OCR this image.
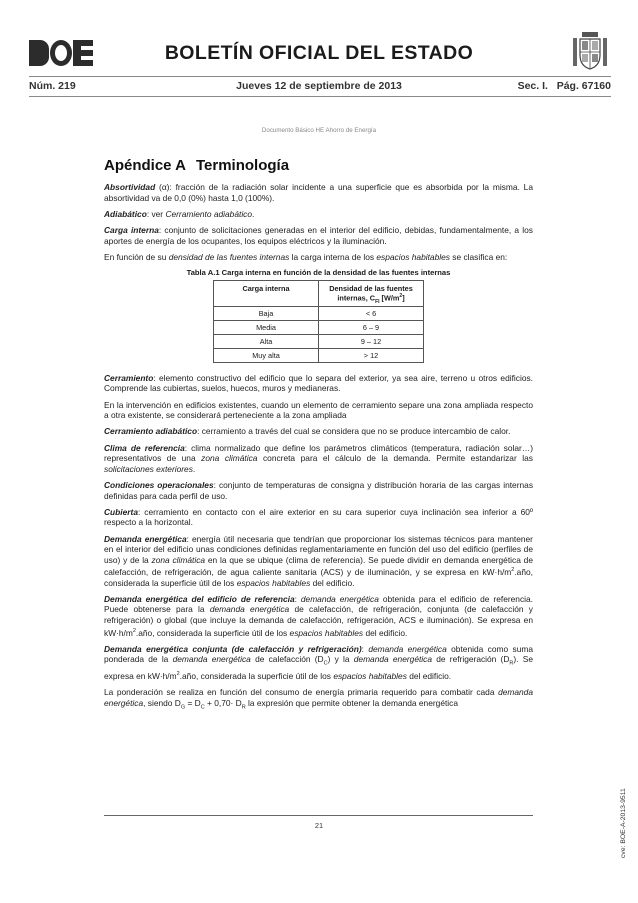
BOLETÍN OFICIAL DEL ESTADO
Núm. 219	Jueves 12 de septiembre de 2013	Sec. I.   Pág. 67160
Documento Básico HE Ahorro de Energía
Apéndice A Terminología

Absortividad (α): fracción de la radiación solar incidente a una superficie que es absorbida por la misma. La absortividad va de 0,0 (0%) hasta 1,0 (100%).

Adiabático: ver Cerramiento adiabático.

Carga interna: conjunto de solicitaciones generadas en el interior del edificio, debidas, fundamentalmente, a los aportes de energía de los ocupantes, los equipos eléctricos y la iluminación.

En función de su densidad de las fuentes internas la carga interna de los espacios habitables se clasifica en:

Tabla A.1 Carga interna en función de la densidad de las fuentes internas
Carga interna	Densidad de las fuentes internas, $C_{FI}$ $[W/m^2]$
Baja	< 6
Media	6 – 9
Alta	9 – 12
Muy alta	> 12

Cerramiento: elemento constructivo del edificio que lo separa del exterior, ya sea aire, terreno u otros edificios. Comprende las cubiertas, suelos, huecos, muros y medianeras.

En la intervención en edificios existentes, cuando un elemento de cerramiento separe una zona ampliada respecto a otra existente, se considerará perteneciente a la zona ampliada

Cerramiento adiabático: cerramiento a través del cual se considera que no se produce intercambio de calor.

Clima de referencia: clima normalizado que define los parámetros climáticos (temperatura, radiación solar…) representativos de una zona climática concreta para el cálculo de la demanda. Permite estandarizar las solicitaciones exteriores.

Condiciones operacionales: conjunto de temperaturas de consigna y distribución horaria de las cargas internas definidas para cada perfil de uso.

Cubierta: cerramiento en contacto con el aire exterior en su cara superior cuya inclinación sea inferior a 60º respecto a la horizontal.

Demanda energética: energía útil necesaria que tendrían que proporcionar los sistemas técnicos para mantener en el interior del edificio unas condiciones definidas reglamentariamente en función del uso del edificio (perfiles de uso) y de la zona climática en la que se ubique (clima de referencia). Se puede dividir en demanda energética de calefacción, de refrigeración, de agua caliente sanitaria (ACS) y de iluminación, y se expresa en $kW\cdot h/m^2.año$, considerada la superficie útil de los espacios habitables del edificio.

Demanda energética del edificio de referencia: demanda energética obtenida para el edificio de referencia. Puede obtenerse para la demanda energética de calefacción, de refrigeración, conjunta (de calefacción y refrigeración) o global (que incluye la demanda de calefacción, refrigeración, ACS e iluminación). Se expresa en $kW\cdot h/m^2.año$, considerada la superficie útil de los espacios habitables del edificio.

Demanda energética conjunta (de calefacción y refrigeración): demanda energética obtenida como suma ponderada de la demanda energética de calefacción $(D_C)$ y la demanda energética de refrigeración $(D_R)$. Se expresa en $kW\cdot h/m^2.año$, considerada la superficie útil de los espacios habitables del edificio.

La ponderación se realiza en función del consumo de energía primaria requerido para combatir cada demanda energética, siendo $D_G = D_C + 0,70\cdot D_R$ la expresión que permite obtener la demanda energética

21	cve: BOE-A-2013-9511
